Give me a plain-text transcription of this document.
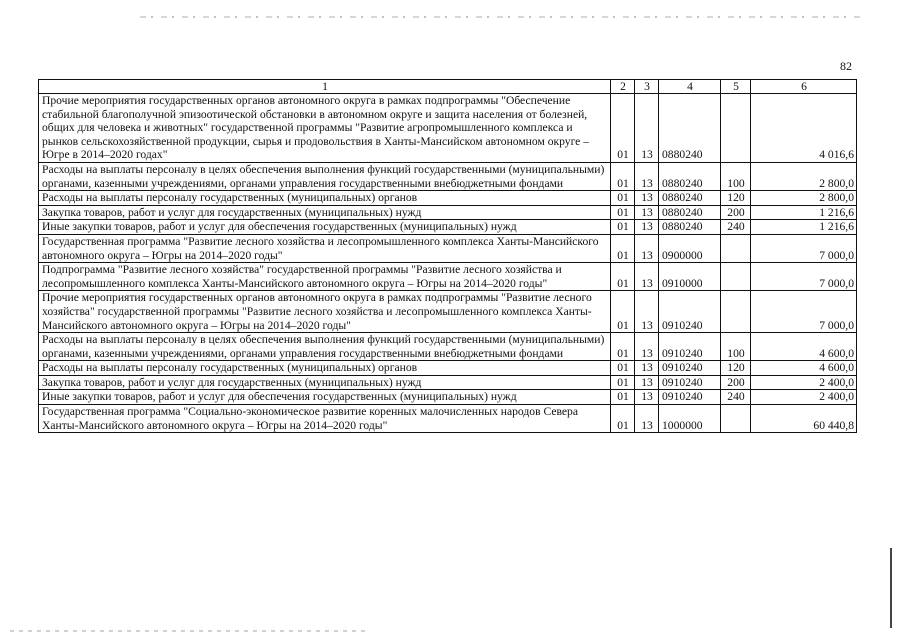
82
1	2	3	4	5	6
Прочие мероприятия государственных органов автономного округа в рамках подпрограммы "Обеспечение стабильной благополучной эпизоотической обстановки в автономном округе и защита населения от болезней, общих для человека и животных" государственной программы "Развитие агропромышленного комплекса и рынков сельскохозяйственной продукции, сырья и продовольствия в Ханты-Мансийском автономном округе – Югре в 2014–2020 годах"	01	13	0880240		4 016,6
Расходы на выплаты персоналу в целях обеспечения выполнения функций государственными (муниципальными) органами, казенными учреждениями, органами управления государственными внебюджетными фондами	01	13	0880240	100	2 800,0
Расходы на выплаты персоналу государственных (муниципальных) органов	01	13	0880240	120	2 800,0
Закупка товаров, работ и услуг для государственных (муниципальных) нужд	01	13	0880240	200	1 216,6
Иные закупки товаров, работ и услуг для обеспечения государственных (муниципальных) нужд	01	13	0880240	240	1 216,6
Государственная программа "Развитие лесного хозяйства и лесопромышленного комплекса Ханты-Мансийского автономного округа – Югры на 2014–2020 годы"	01	13	0900000		7 000,0
Подпрограмма "Развитие лесного хозяйства" государственной программы "Развитие лесного хозяйства и лесопромышленного комплекса Ханты-Мансийского автономного округа – Югры на 2014–2020 годы"	01	13	0910000		7 000,0
Прочие мероприятия государственных органов автономного округа в рамках подпрограммы "Развитие лесного хозяйства" государственной программы "Развитие лесного хозяйства и лесопромышленного комплекса Ханты-Мансийского автономного округа – Югры на 2014–2020 годы"	01	13	0910240		7 000,0
Расходы на выплаты персоналу в целях обеспечения выполнения функций государственными (муниципальными) органами, казенными учреждениями, органами управления государственными внебюджетными фондами	01	13	0910240	100	4 600,0
Расходы на выплаты персоналу государственных (муниципальных) органов	01	13	0910240	120	4 600,0
Закупка товаров, работ и услуг для государственных (муниципальных) нужд	01	13	0910240	200	2 400,0
Иные закупки товаров, работ и услуг для обеспечения государственных (муниципальных) нужд	01	13	0910240	240	2 400,0
Государственная программа "Социально-экономическое развитие коренных малочисленных народов Севера Ханты-Мансийского автономного округа – Югры на 2014–2020 годы"	01	13	1000000		60 440,8
